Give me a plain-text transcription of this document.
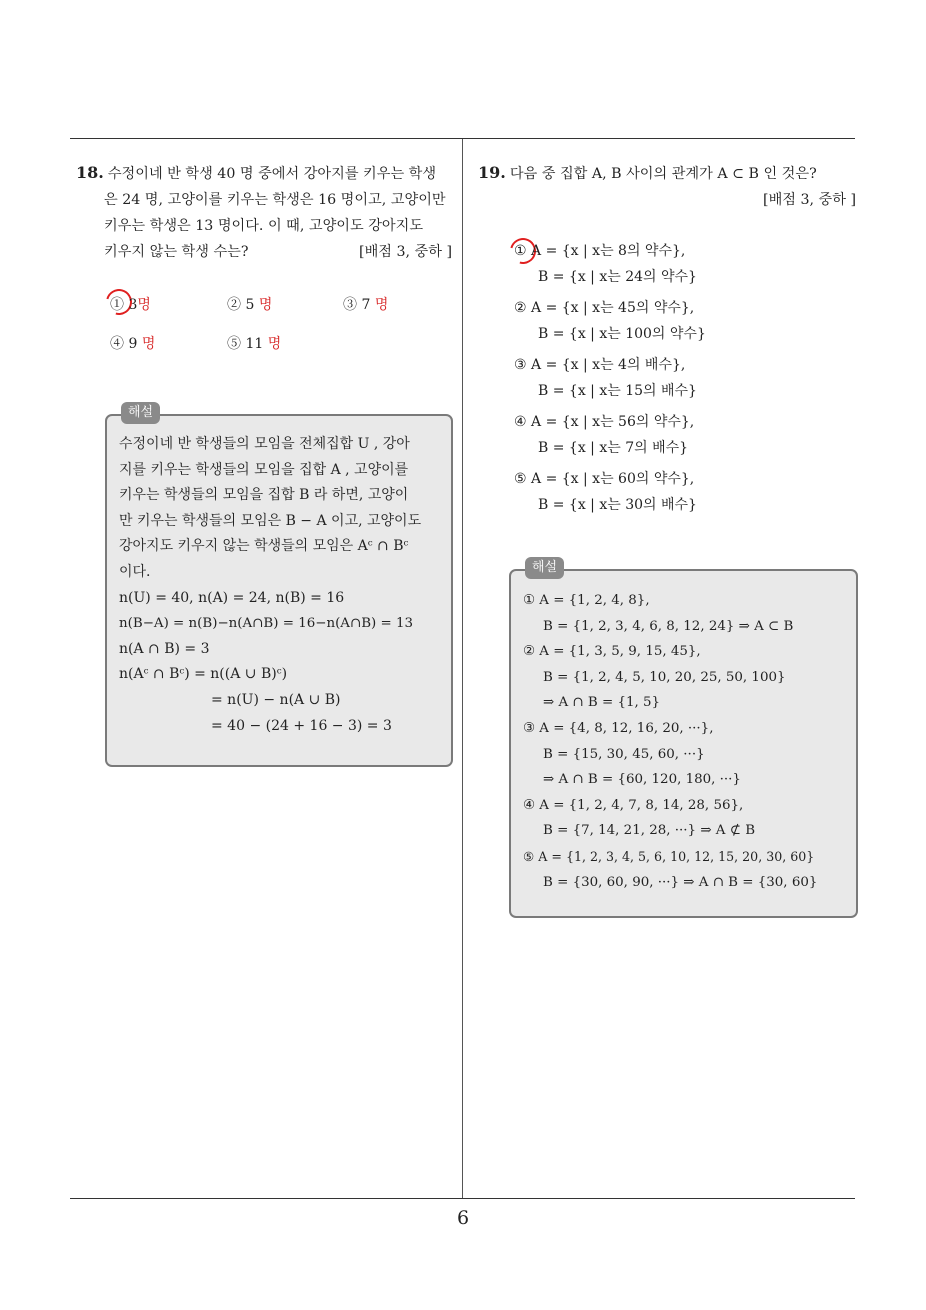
6
18. 수정이네 반 학생 40 명 중에서 강아지를 키우는 학생
은 24 명, 고양이를 키우는 학생은 16 명이고, 고양이만
키우는 학생은 13 명이다. 이 때, 고양이도 강아지도
키우지 않는 학생 수는?	[배점 3, 중하 ]
① 3명	② 5 명	③ 7 명
④ 9 명	⑤ 11 명
해설
수정이네 반 학생들의 모임을 전체집합 U , 강아
지를 키우는 학생들의 모임을 집합 A , 고양이를
키우는 학생들의 모임을 집합 B 라 하면, 고양이
만 키우는 학생들의 모임은 B − A 이고, 고양이도
강아지도 키우지 않는 학생들의 모임은 Aᶜ ∩ Bᶜ
이다.
n(U) = 40, n(A) = 24, n(B) = 16
n(B−A) = n(B)−n(A∩B) = 16−n(A∩B) = 13
n(A ∩ B) = 3
n(Aᶜ ∩ Bᶜ) = n((A ∪ B)ᶜ)
= n(U) − n(A ∪ B)
= 40 − (24 + 16 − 3) = 3
19. 다음 중 집합 A, B 사이의 관계가 A ⊂ B 인 것은?
[배점 3, 중하 ]
① A = {x | x는 8의 약수},
B = {x | x는 24의 약수}
② A = {x | x는 45의 약수},
B = {x | x는 100의 약수}
③ A = {x | x는 4의 배수},
B = {x | x는 15의 배수}
④ A = {x | x는 56의 약수},
B = {x | x는 7의 배수}
⑤ A = {x | x는 60의 약수},
B = {x | x는 30의 배수}
해설
① A = {1, 2, 4, 8},
B = {1, 2, 3, 4, 6, 8, 12, 24} ⇒ A ⊂ B
② A = {1, 3, 5, 9, 15, 45},
B = {1, 2, 4, 5, 10, 20, 25, 50, 100}
⇒ A ∩ B = {1, 5}
③ A = {4, 8, 12, 16, 20, ···},
B = {15, 30, 45, 60, ···}
⇒ A ∩ B = {60, 120, 180, ···}
④ A = {1, 2, 4, 7, 8, 14, 28, 56},
B = {7, 14, 21, 28, ···} ⇒ A ⊄ B
⑤ A = {1, 2, 3, 4, 5, 6, 10, 12, 15, 20, 30, 60}
B = {30, 60, 90, ···} ⇒ A ∩ B = {30, 60}
